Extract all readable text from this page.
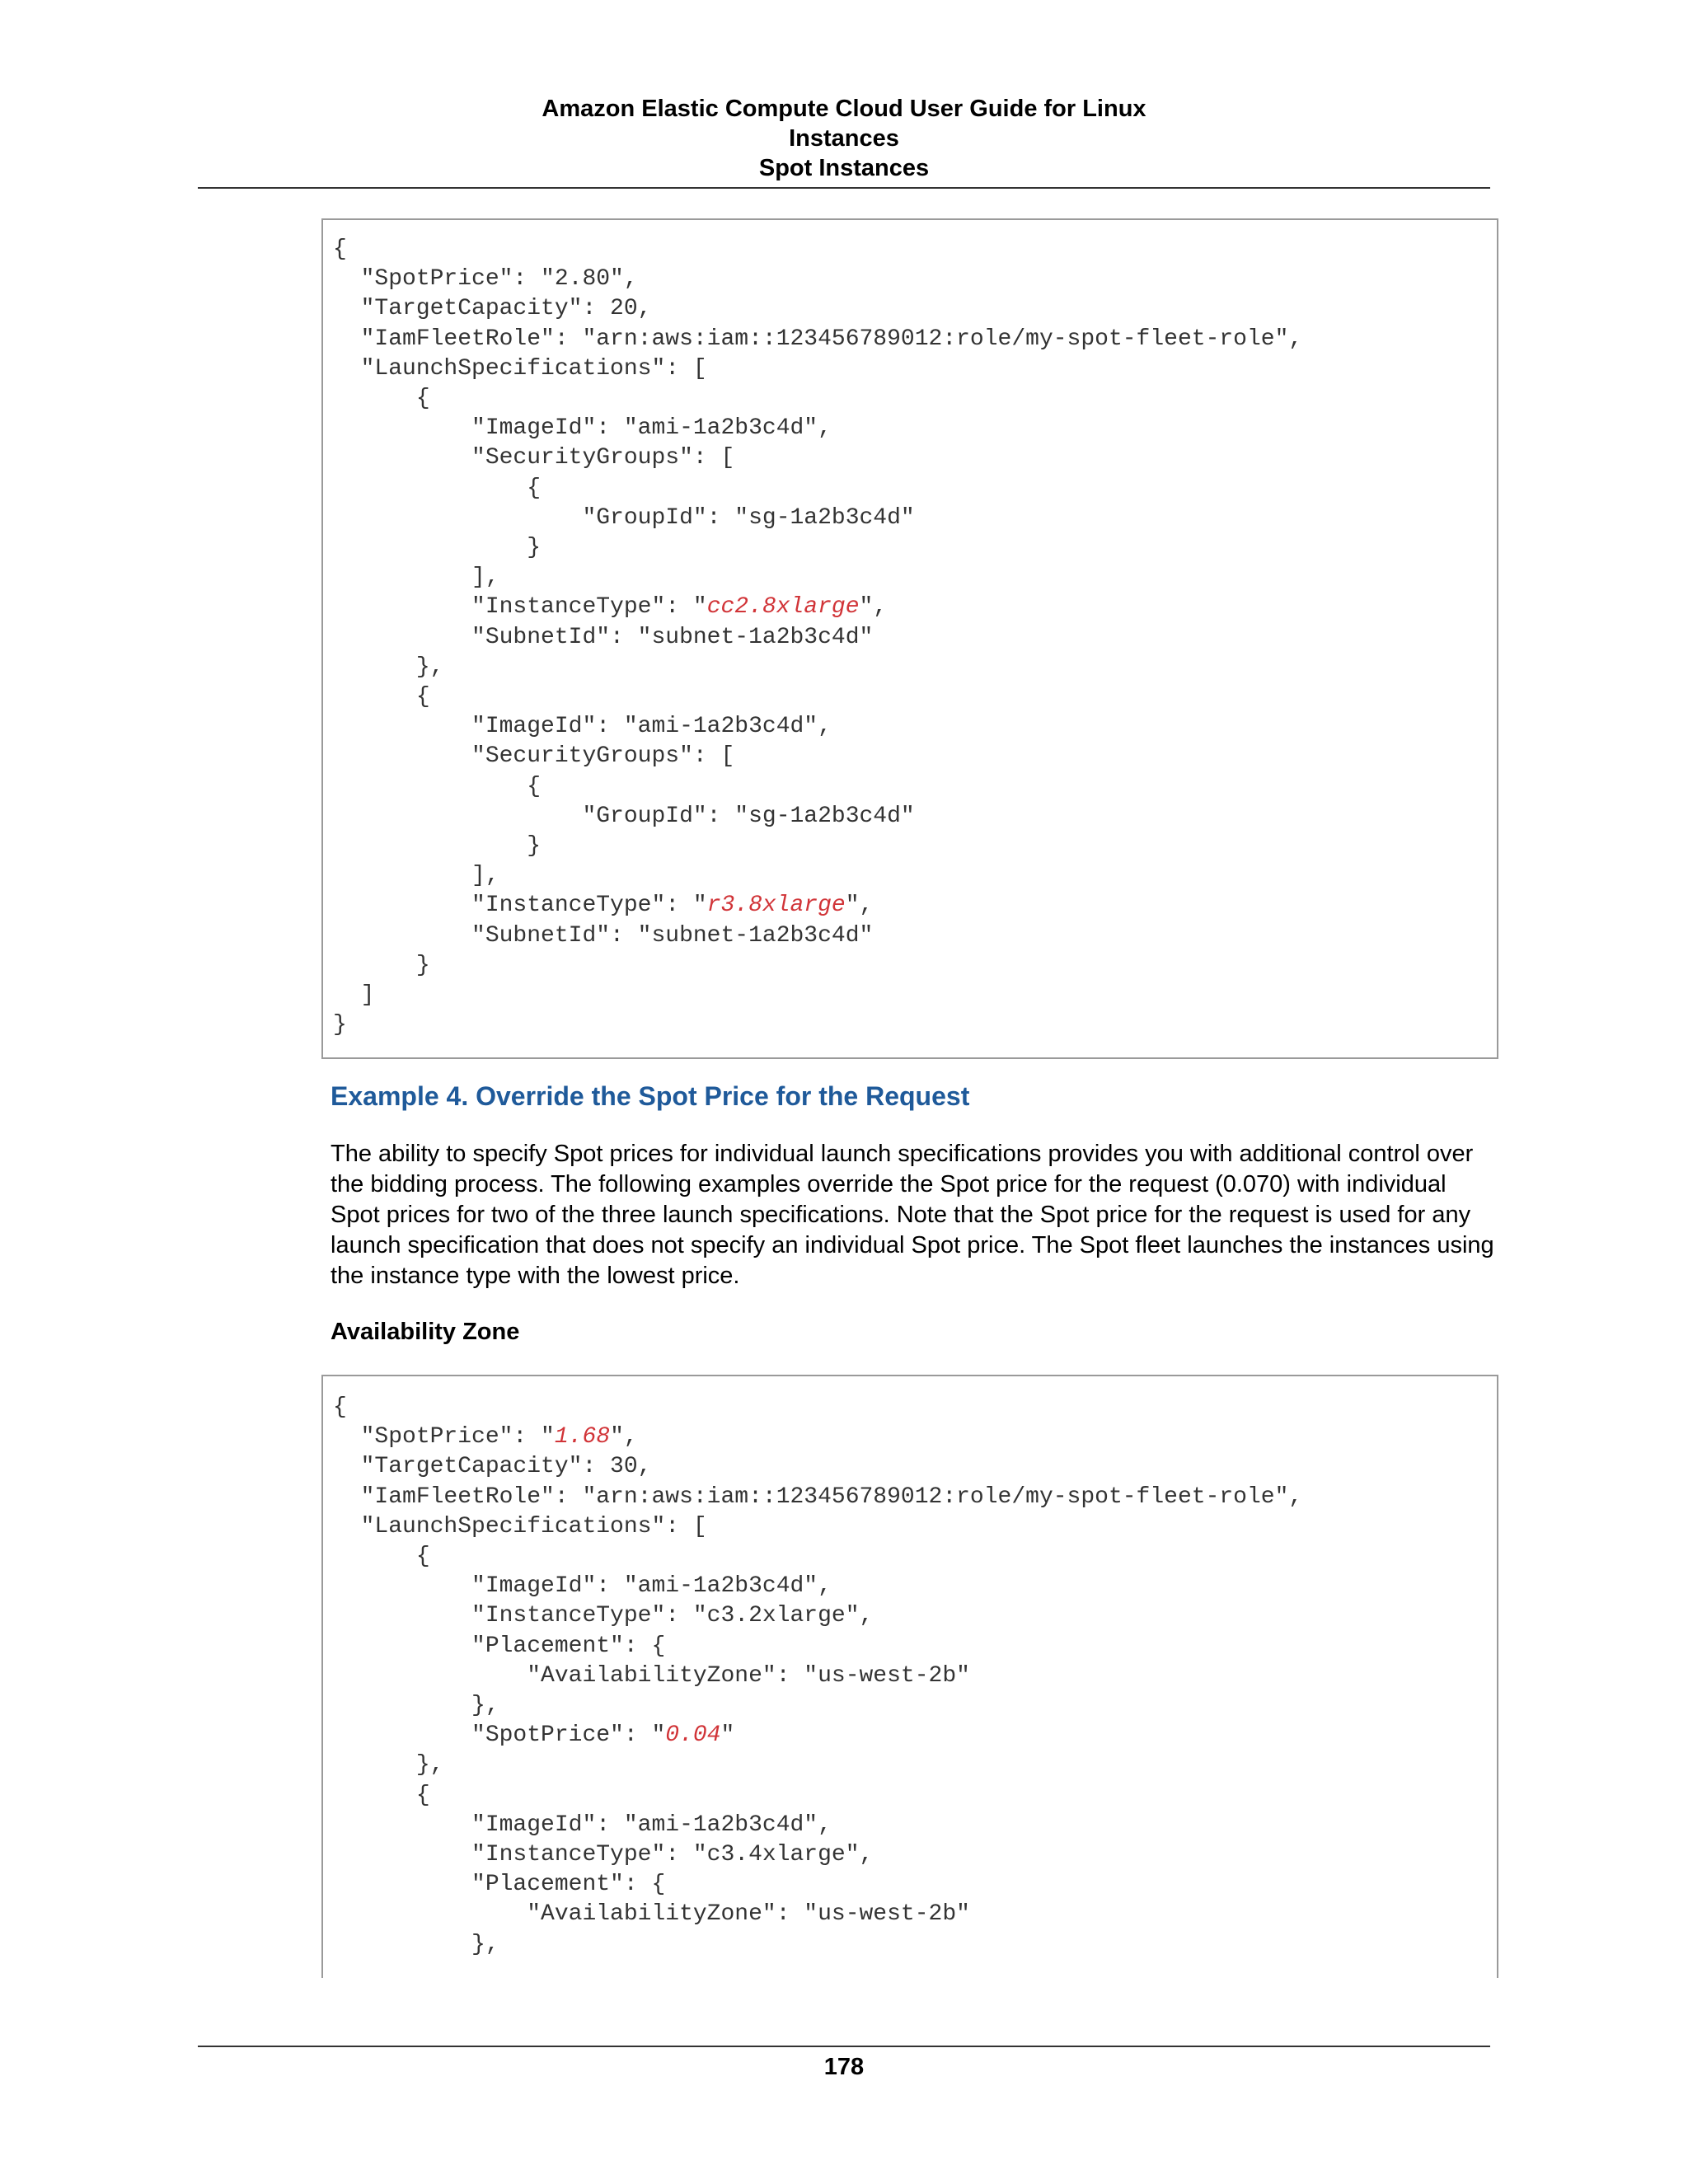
Amazon Elastic Compute Cloud User Guide for Linux
Instances
Spot Instances
{
"SpotPrice": "2.80",
"TargetCapacity": 20,
"IamFleetRole": "arn:aws:iam::123456789012:role/my-spot-fleet-role",
"LaunchSpecifications": [
{
"ImageId": "ami-1a2b3c4d",
"SecurityGroups": [
{
"GroupId": "sg-1a2b3c4d"
}
],
"InstanceType": "cc2.8xlarge",
"SubnetId": "subnet-1a2b3c4d"
},
{
"ImageId": "ami-1a2b3c4d",
"SecurityGroups": [
{
"GroupId": "sg-1a2b3c4d"
}
],
"InstanceType": "r3.8xlarge",
"SubnetId": "subnet-1a2b3c4d"
}
]
}
Example 4. Override the Spot Price for the Request
The ability to specify Spot prices for individual launch specifications provides you with additional control over the bidding process. The following examples override the Spot price for the request (0.070) with individual Spot prices for two of the three launch specifications. Note that the Spot price for the request is used for any launch specification that does not specify an individual Spot price. The Spot fleet launches the instances using the instance type with the lowest price.
Availability Zone
{
"SpotPrice": "1.68",
"TargetCapacity": 30,
"IamFleetRole": "arn:aws:iam::123456789012:role/my-spot-fleet-role",
"LaunchSpecifications": [
{
"ImageId": "ami-1a2b3c4d",
"InstanceType": "c3.2xlarge",
"Placement": {
"AvailabilityZone": "us-west-2b"
},
"SpotPrice": "0.04"
},
{
"ImageId": "ami-1a2b3c4d",
"InstanceType": "c3.4xlarge",
"Placement": {
"AvailabilityZone": "us-west-2b"
},
178
